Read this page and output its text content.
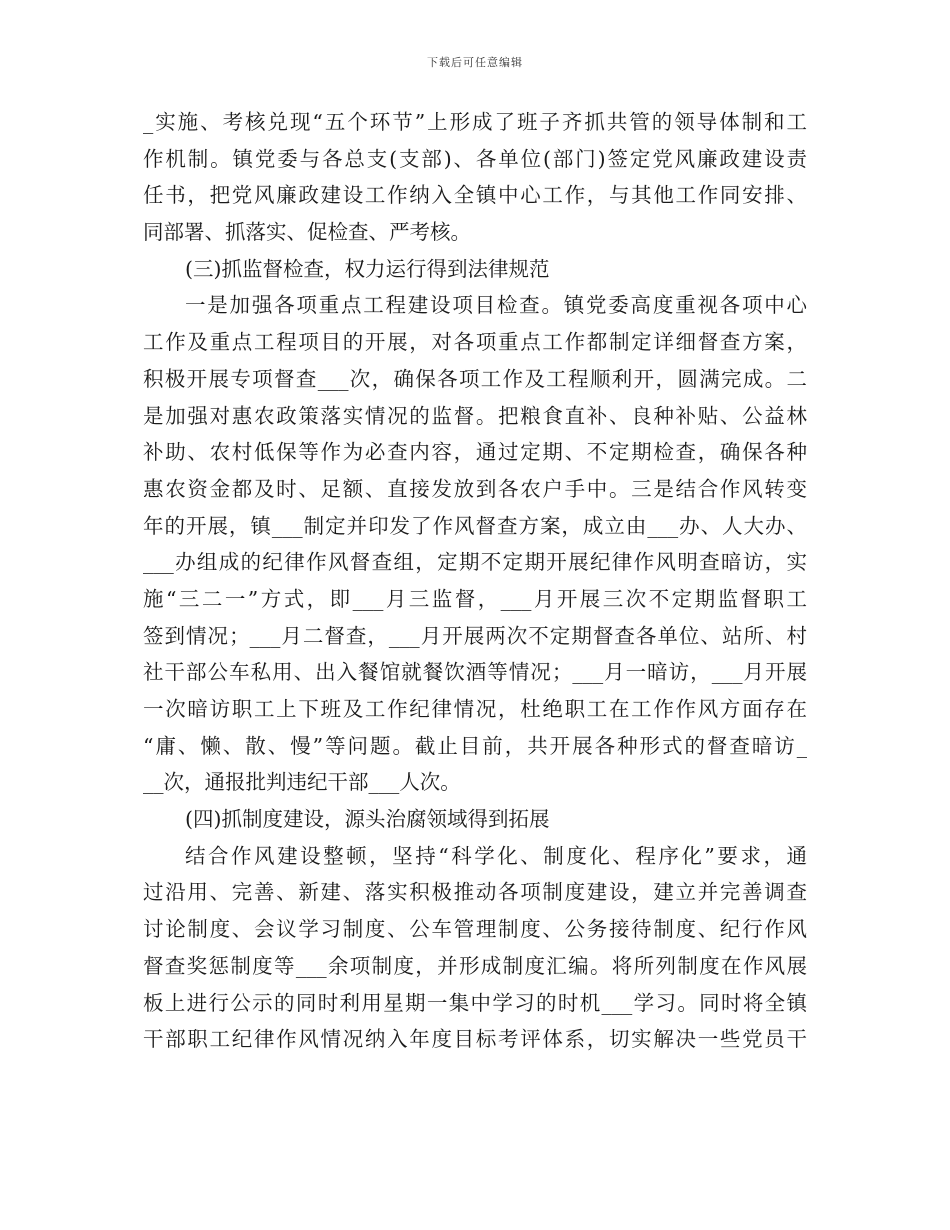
下载后可任意编辑
_实施、考核兑现“五个环节”上形成了班子齐抓共管的领导体制和工
作机制。镇党委与各总支(支部)、各单位(部门)签定党风廉政建设责
任书，把党风廉政建设工作纳入全镇中心工作，与其他工作同安排、
同部署、抓落实、促检查、严考核。
(三)抓监督检查，权力运行得到法律规范
一是加强各项重点工程建设项目检查。镇党委高度重视各项中心
工作及重点工程项目的开展，对各项重点工作都制定详细督查方案，
积极开展专项督查___次，确保各项工作及工程顺利开，圆满完成。二
是加强对惠农政策落实情况的监督。把粮食直补、良种补贴、公益林
补助、农村低保等作为必查内容，通过定期、不定期检查，确保各种
惠农资金都及时、足额、直接发放到各农户手中。三是结合作风转变
年的开展，镇___制定并印发了作风督查方案，成立由___办、人大办、
___办组成的纪律作风督查组，定期不定期开展纪律作风明查暗访，实
施“三二一”方式，即___月三监督，___月开展三次不定期监督职工
签到情况；___月二督查，___月开展两次不定期督查各单位、站所、村
社干部公车私用、出入餐馆就餐饮酒等情况；___月一暗访，___月开展
一次暗访职工上下班及工作纪律情况，杜绝职工在工作作风方面存在
“庸、懒、散、慢”等问题。截止目前，共开展各种形式的督查暗访_
__次，通报批判违纪干部___人次。
(四)抓制度建设，源头治腐领域得到拓展
结合作风建设整顿，坚持“科学化、制度化、程序化”要求，通
过沿用、完善、新建、落实积极推动各项制度建设，建立并完善调查
讨论制度、会议学习制度、公车管理制度、公务接待制度、纪行作风
督查奖惩制度等___余项制度，并形成制度汇编。将所列制度在作风展
板上进行公示的同时利用星期一集中学习的时机___学习。同时将全镇
干部职工纪律作风情况纳入年度目标考评体系，切实解决一些党员干
